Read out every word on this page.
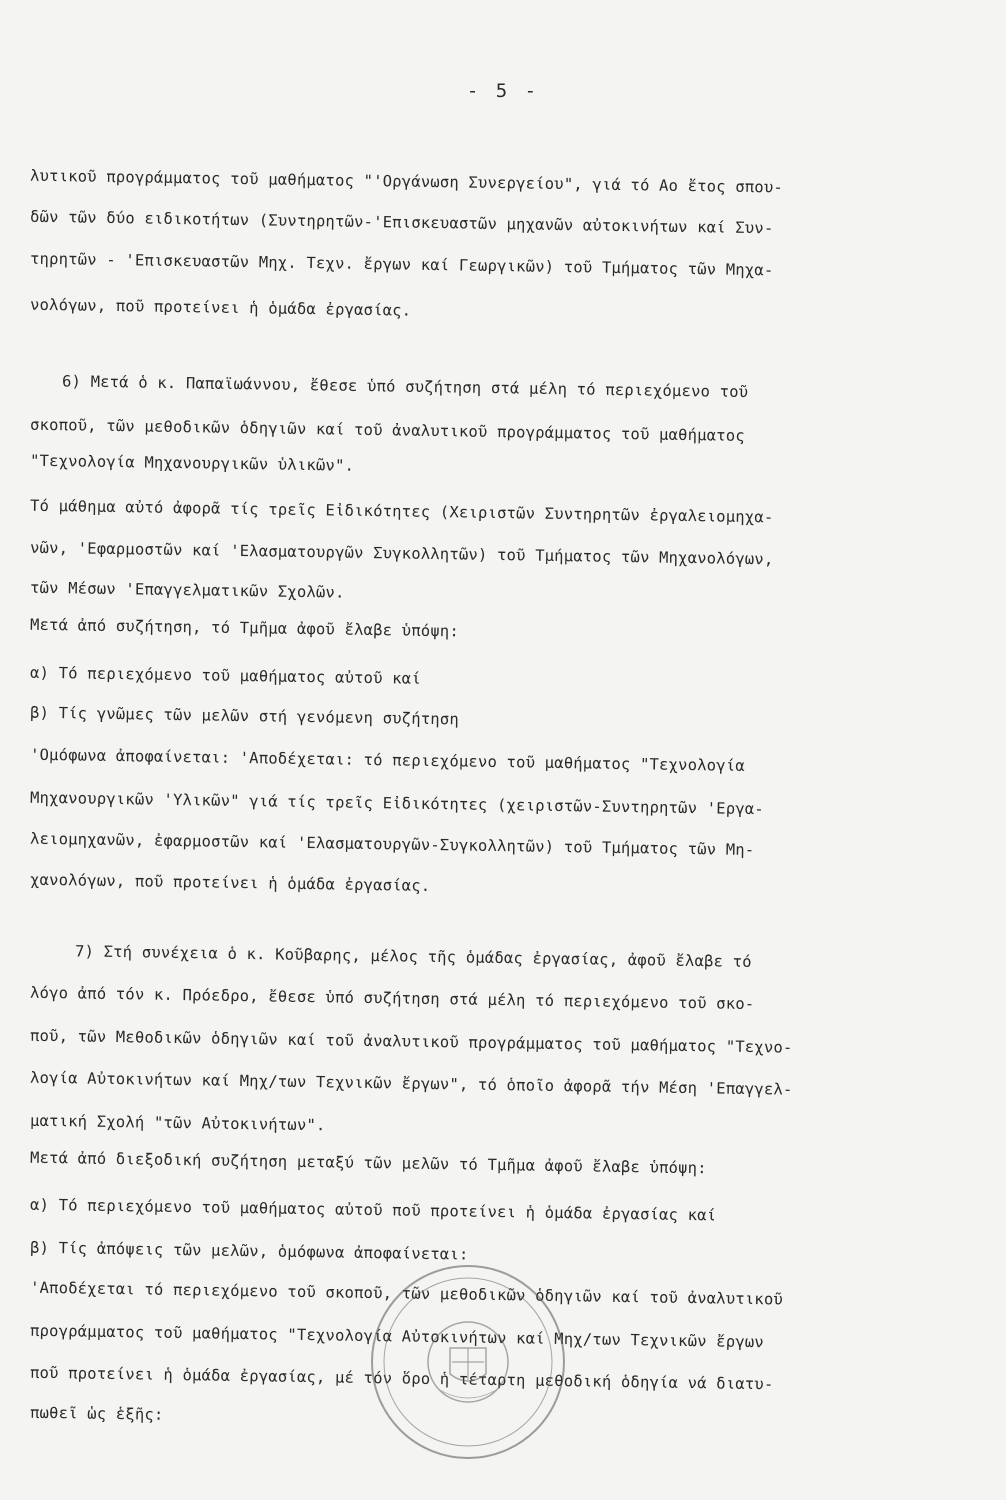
- 5 -
λυτικοῦ προγράμματος τοῦ μαθήματος "'Οργάνωση Συνεργείου", γιά τό Αο ἔτος σπου-
δῶν τῶν δύο ειδικοτήτων (Συντηρητῶν-'Επισκευαστῶν μηχανῶν αὐτοκινήτων καί Συν-
τηρητῶν - 'Επισκευαστῶν Μηχ. Τεχν. ἔργων καί Γεωργικῶν) τοῦ Τμήματος τῶν Μηχα-
νολόγων, ποῦ προτείνει ἡ ὁμάδα ἐργασίας.
6) Μετά ὁ κ. Παπαϊωάννου, ἔθεσε ὑπό συζήτηση στά μέλη τό περιεχόμενο τοῦ
σκοποῦ, τῶν μεθοδικῶν ὁδηγιῶν καί τοῦ ἀναλυτικοῦ προγράμματος τοῦ μαθήματος
"Τεχνολογία Μηχανουργικῶν ὑλικῶν".
Τό μάθημα αὐτό ἀφορᾶ τίς τρεῖς Εἰδικότητες (Χειριστῶν Συντηρητῶν ἐργαλειομηχα-
νῶν, 'Εφαρμοστῶν καί 'Ελασματουργῶν Συγκολλητῶν) τοῦ Τμήματος τῶν Μηχανολόγων,
τῶν Μέσων 'Επαγγελματικῶν Σχολῶν.
Μετά ἀπό συζήτηση, τό Τμῆμα ἀφοῦ ἔλαβε ὑπόψη:
α) Τό περιεχόμενο τοῦ μαθήματος αὐτοῦ καί
β) Τίς γνῶμες τῶν μελῶν στή γενόμενη συζήτηση
'Ομόφωνα ἀποφαίνεται: 'Αποδέχεται: τό περιεχόμενο τοῦ μαθήματος "Τεχνολογία
Μηχανουργικῶν 'Υλικῶν" γιά τίς τρεῖς Εἰδικότητες (χειριστῶν-Συντηρητῶν 'Εργα-
λειομηχανῶν, ἐφαρμοστῶν καί 'Ελασματουργῶν-Συγκολλητῶν) τοῦ Τμήματος τῶν Μη-
χανολόγων, ποῦ προτείνει ἡ ὁμάδα ἐργασίας.
7) Στή συνέχεια ὁ κ. Κοῦβαρης, μέλος τῆς ὁμάδας ἐργασίας, ἀφοῦ ἔλαβε τό
λόγο ἀπό τόν κ. Πρόεδρο, ἔθεσε ὑπό συζήτηση στά μέλη τό περιεχόμενο τοῦ σκο-
ποῦ, τῶν Μεθοδικῶν ὁδηγιῶν καί τοῦ ἀναλυτικοῦ προγράμματος τοῦ μαθήματος "Τεχνο-
λογία Αὐτοκινήτων καί Μηχ/των Τεχνικῶν ἔργων", τό ὁποῖο ἀφορᾶ τήν Μέση 'Επαγγελ-
ματική Σχολή "τῶν Αὐτοκινήτων".
Μετά ἀπό διεξοδική συζήτηση μεταξύ τῶν μελῶν τό Τμῆμα ἀφοῦ ἔλαβε ὑπόψη:
α) Τό περιεχόμενο τοῦ μαθήματος αὐτοῦ ποῦ προτείνει ἡ ὁμάδα ἐργασίας καί
β) Τίς ἀπόψεις τῶν μελῶν, ὁμόφωνα ἀποφαίνεται:
'Αποδέχεται τό περιεχόμενο τοῦ σκοποῦ, τῶν μεθοδικῶν ὁδηγιῶν καί τοῦ ἀναλυτικοῦ
προγράμματος τοῦ μαθήματος "Τεχνολογία Αὐτοκινήτων καί Μηχ/των Τεχνικῶν ἔργων
ποῦ προτείνει ἡ ὁμάδα ἐργασίας, μέ τόν ὅρο ἡ τέταρτη μεθοδική ὁδηγία νά διατυ-
πωθεῖ ὡς ἑξῆς:
